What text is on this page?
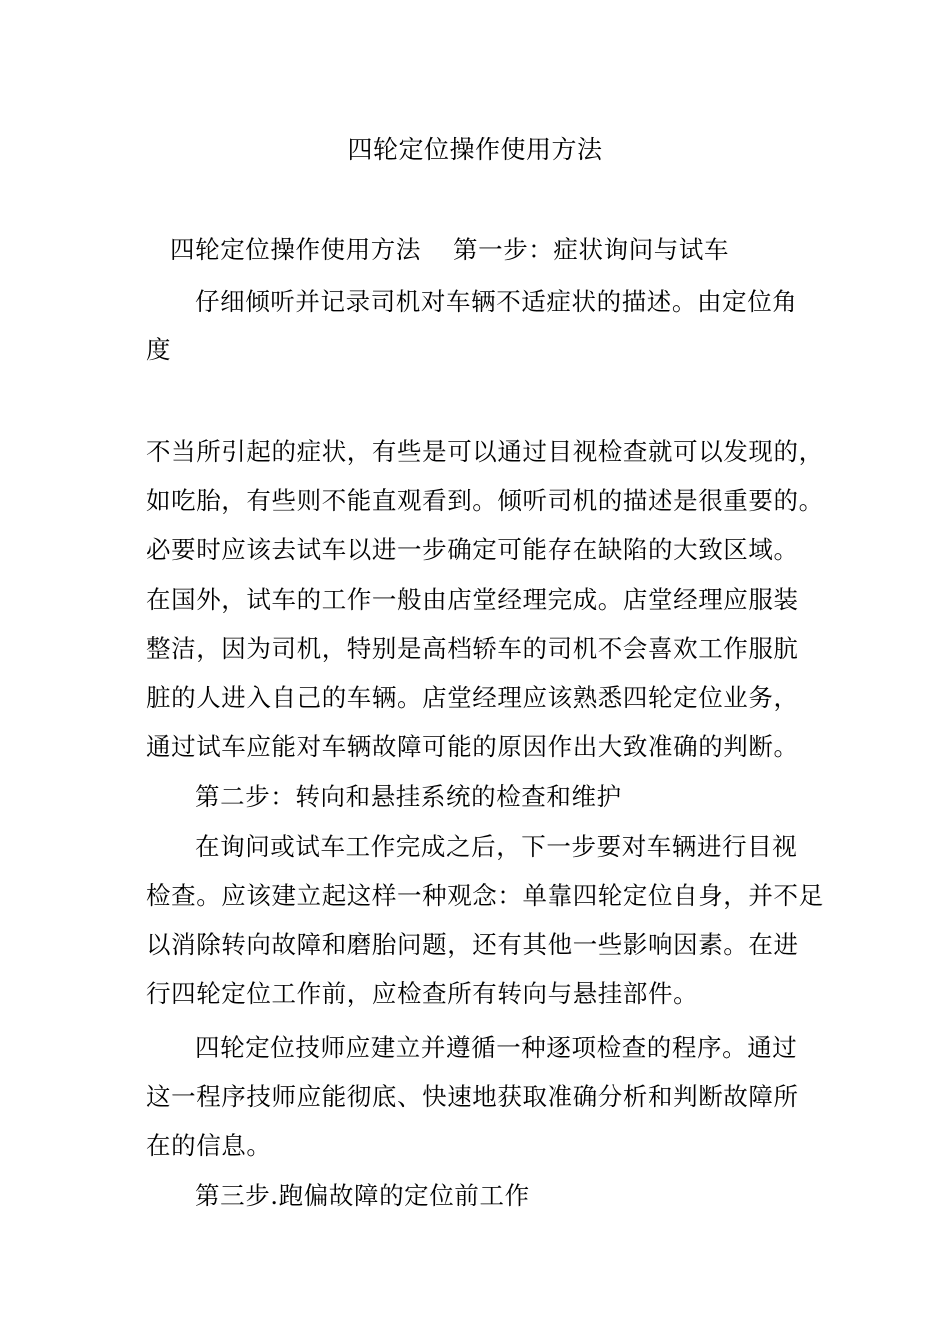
四轮定位操作使用方法
四轮定位操作使用方法 第一步：症状询问与试车
仔细倾听并记录司机对车辆不适症状的描述。由定位角
度
不当所引起的症状，有些是可以通过目视检查就可以发现的，
如吃胎，有些则不能直观看到。倾听司机的描述是很重要的。
必要时应该去试车以进一步确定可能存在缺陷的大致区域。
在国外，试车的工作一般由店堂经理完成。店堂经理应服装
整洁，因为司机，特别是高档轿车的司机不会喜欢工作服肮
脏的人进入自己的车辆。店堂经理应该熟悉四轮定位业务，
通过试车应能对车辆故障可能的原因作出大致准确的判断。
第二步：转向和悬挂系统的检查和维护
在询问或试车工作完成之后，下一步要对车辆进行目视
检查。应该建立起这样一种观念：单靠四轮定位自身，并不足
以消除转向故障和磨胎问题，还有其他一些影响因素。在进
行四轮定位工作前，应检查所有转向与悬挂部件。
四轮定位技师应建立并遵循一种逐项检查的程序。通过
这一程序技师应能彻底、快速地获取准确分析和判断故障所
在的信息。
第三步.跑偏故障的定位前工作
